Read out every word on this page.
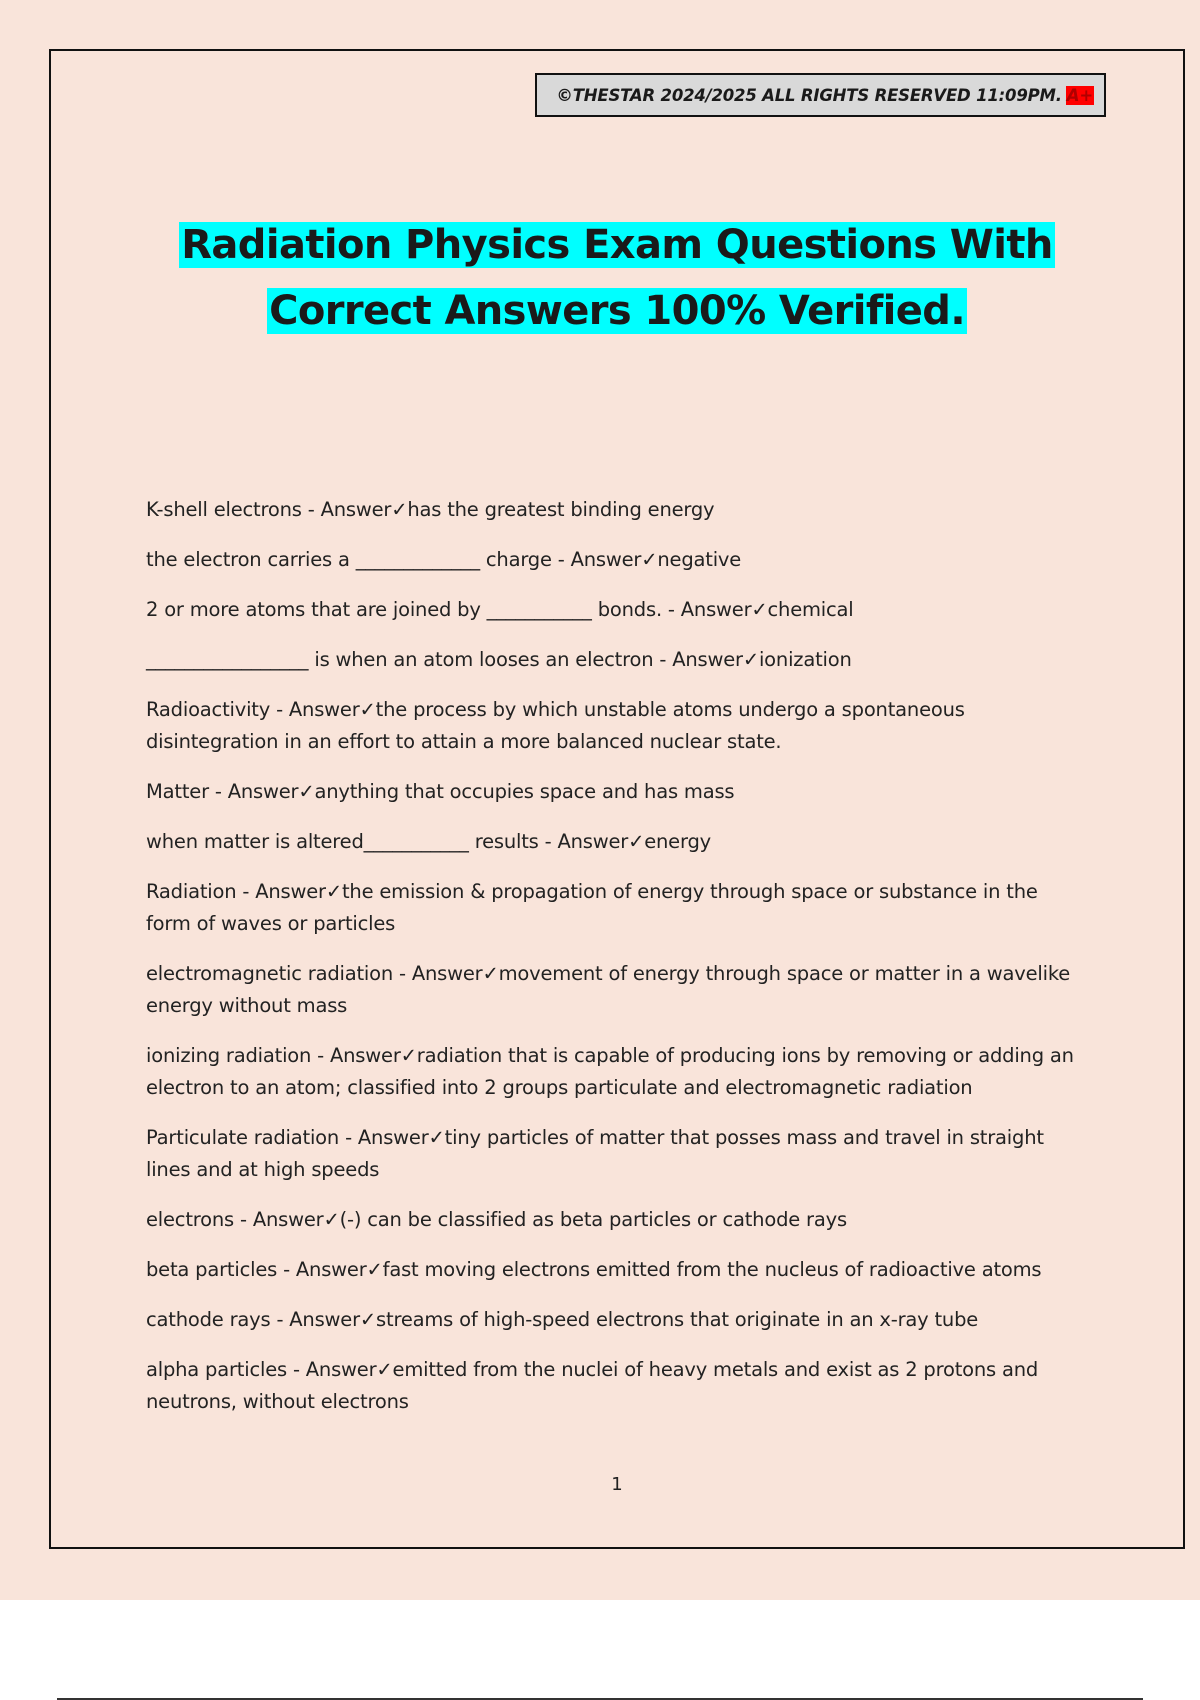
©THESTAR 2024/2025 ALL RIGHTS RESERVED 11:09PM. A+
Radiation Physics Exam Questions With
Correct Answers 100% Verified.
K-shell electrons - Answer✓has the greatest binding energy
the electron carries a _____________ charge - Answer✓negative
2 or more atoms that are joined by ___________ bonds. - Answer✓chemical
_________________ is when an atom looses an electron - Answer✓ionization
Radioactivity - Answer✓the process by which unstable atoms undergo a spontaneous disintegration in an effort to attain a more balanced nuclear state.
Matter - Answer✓anything that occupies space and has mass
when matter is altered___________ results - Answer✓energy
Radiation - Answer✓the emission & propagation of energy through space or substance in the form of waves or particles
electromagnetic radiation - Answer✓movement of energy through space or matter in a wavelike energy without mass
ionizing radiation - Answer✓radiation that is capable of producing ions by removing or adding an electron to an atom; classified into 2 groups particulate and electromagnetic radiation
Particulate radiation - Answer✓tiny particles of matter that posses mass and travel in straight lines and at high speeds
electrons - Answer✓(-) can be classified as beta particles or cathode rays
beta particles - Answer✓fast moving electrons emitted from the nucleus of radioactive atoms
cathode rays - Answer✓streams of high-speed electrons that originate in an x-ray tube
alpha particles - Answer✓emitted from the nuclei of heavy metals and exist as 2 protons and neutrons, without electrons
1
